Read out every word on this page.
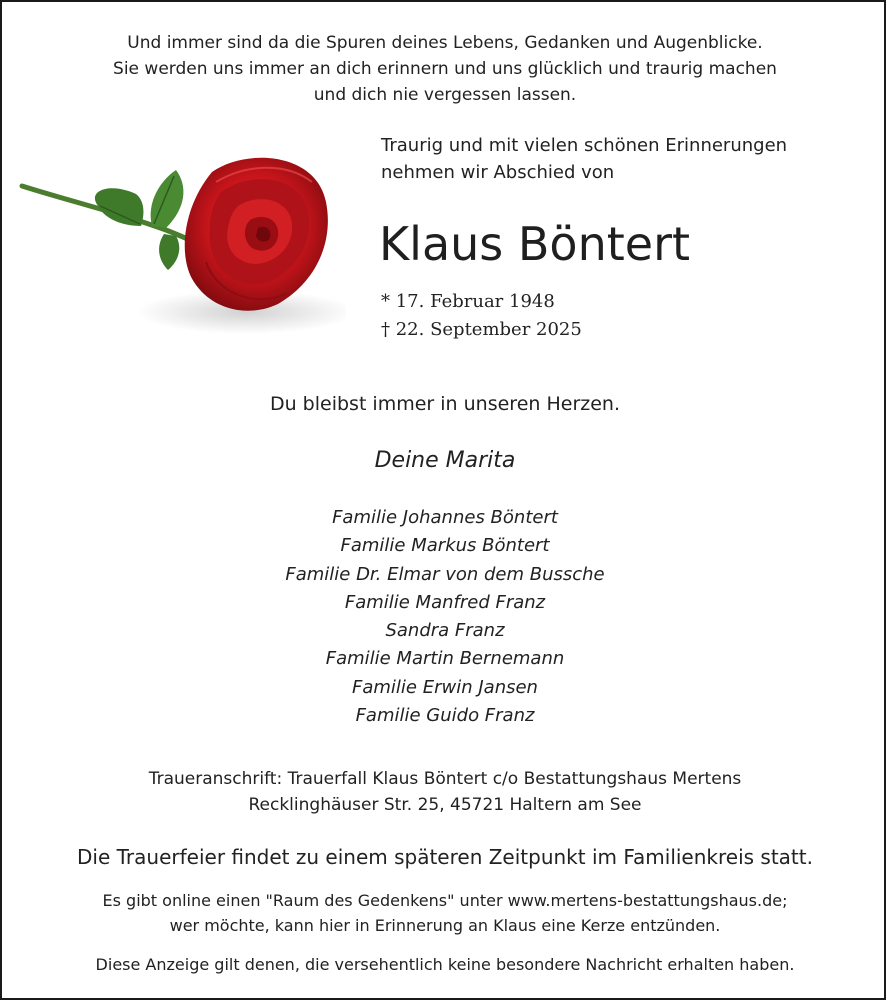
Und immer sind da die Spuren deines Lebens, Gedanken und Augenblicke.
Sie werden uns immer an dich erinnern und uns glücklich und traurig machen
und dich nie vergessen lassen.
Traurig und mit vielen schönen Erinnerungen
nehmen wir Abschied von
Klaus Böntert
* 17. Februar 1948
† 22. September 2025
Du bleibst immer in unseren Herzen.
Deine Marita
Familie Johannes Böntert
Familie Markus Böntert
Familie Dr. Elmar von dem Bussche
Familie Manfred Franz
Sandra Franz
Familie Martin Bernemann
Familie Erwin Jansen
Familie Guido Franz
Traueranschrift: Trauerfall Klaus Böntert c/o Bestattungshaus Mertens
Recklinghäuser Str. 25, 45721 Haltern am See
Die Trauerfeier findet zu einem späteren Zeitpunkt im Familienkreis statt.
Es gibt online einen "Raum des Gedenkens" unter www.mertens-bestattungshaus.de;
wer möchte, kann hier in Erinnerung an Klaus eine Kerze entzünden.
Diese Anzeige gilt denen, die versehentlich keine besondere Nachricht erhalten haben.
